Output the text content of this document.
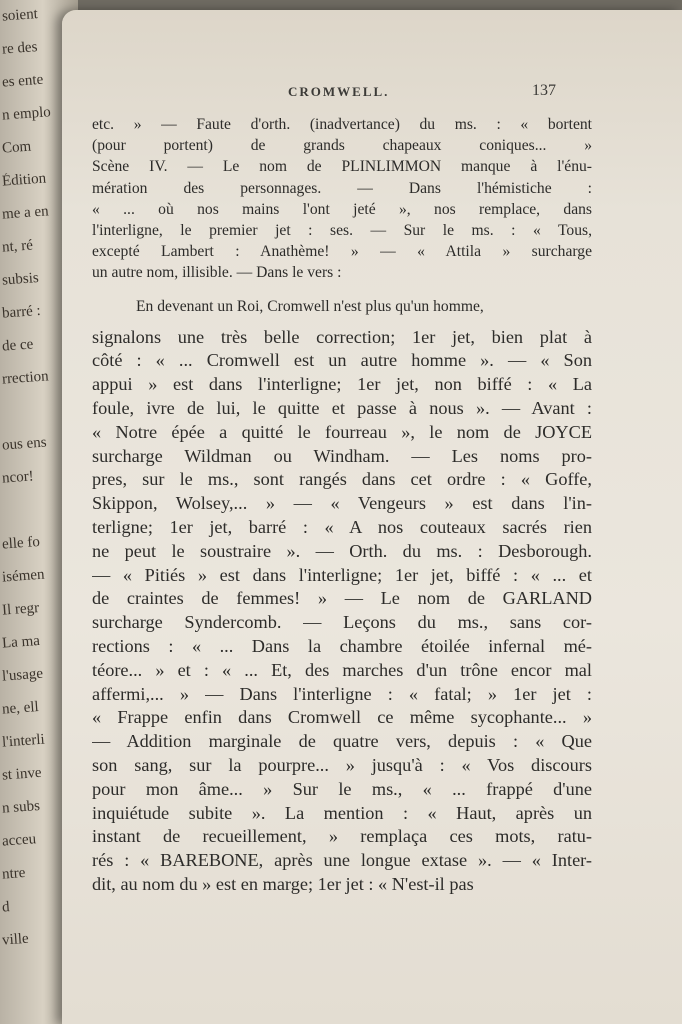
soient
re des
es ente
n emplo
Com
Édition
me a en
nt, ré
subsis
barré :
de ce
rrection
ous ens
ncor!
elle fo
isémen
Il regr
La ma
l'usage
ne, ell
l'interli
st inve
n subs
acceu
ntre
d
ville
CROMWELL.	137
etc. » — Faute d'orth. (inadvertance) du ms. : « bortent
(pour portent) de grands chapeaux coniques... »
Scène IV. — Le nom de PLINLIMMON manque à l'énu-
mération des personnages. — Dans l'hémistiche :
« ... où nos mains l'ont jeté », nos remplace, dans
l'interligne, le premier jet : ses. — Sur le ms. : « Tous,
excepté Lambert : Anathème! » — « Attila » surcharge
un autre nom, illisible. — Dans le vers :
En devenant un Roi, Cromwell n'est plus qu'un homme,
signalons une très belle correction; 1er jet, bien plat à
côté : « ... Cromwell est un autre homme ». — « Son
appui » est dans l'interligne; 1er jet, non biffé : « La
foule, ivre de lui, le quitte et passe à nous ». — Avant :
« Notre épée a quitté le fourreau », le nom de JOYCE
surcharge Wildman ou Windham. — Les noms pro-
pres, sur le ms., sont rangés dans cet ordre : « Goffe,
Skippon, Wolsey,... » — « Vengeurs » est dans l'in-
terligne; 1er jet, barré : « A nos couteaux sacrés rien
ne peut le soustraire ». — Orth. du ms. : Desborough.
— « Pitiés » est dans l'interligne; 1er jet, biffé : « ... et
de craintes de femmes! » — Le nom de GARLAND
surcharge Syndercomb. — Leçons du ms., sans cor-
rections : « ... Dans la chambre étoilée infernal mé-
téore... » et : « ... Et, des marches d'un trône encor mal
affermi,... » — Dans l'interligne : « fatal; » 1er jet :
« Frappe enfin dans Cromwell ce même sycophante... »
— Addition marginale de quatre vers, depuis : « Que
son sang, sur la pourpre... » jusqu'à : « Vos discours
pour mon âme... » Sur le ms., « ... frappé d'une
inquiétude subite ». La mention : « Haut, après un
instant de recueillement, » remplaça ces mots, ratu-
rés : « BAREBONE, après une longue extase ». — « Inter-
dit, au nom du » est en marge; 1er jet : « N'est-il pas
